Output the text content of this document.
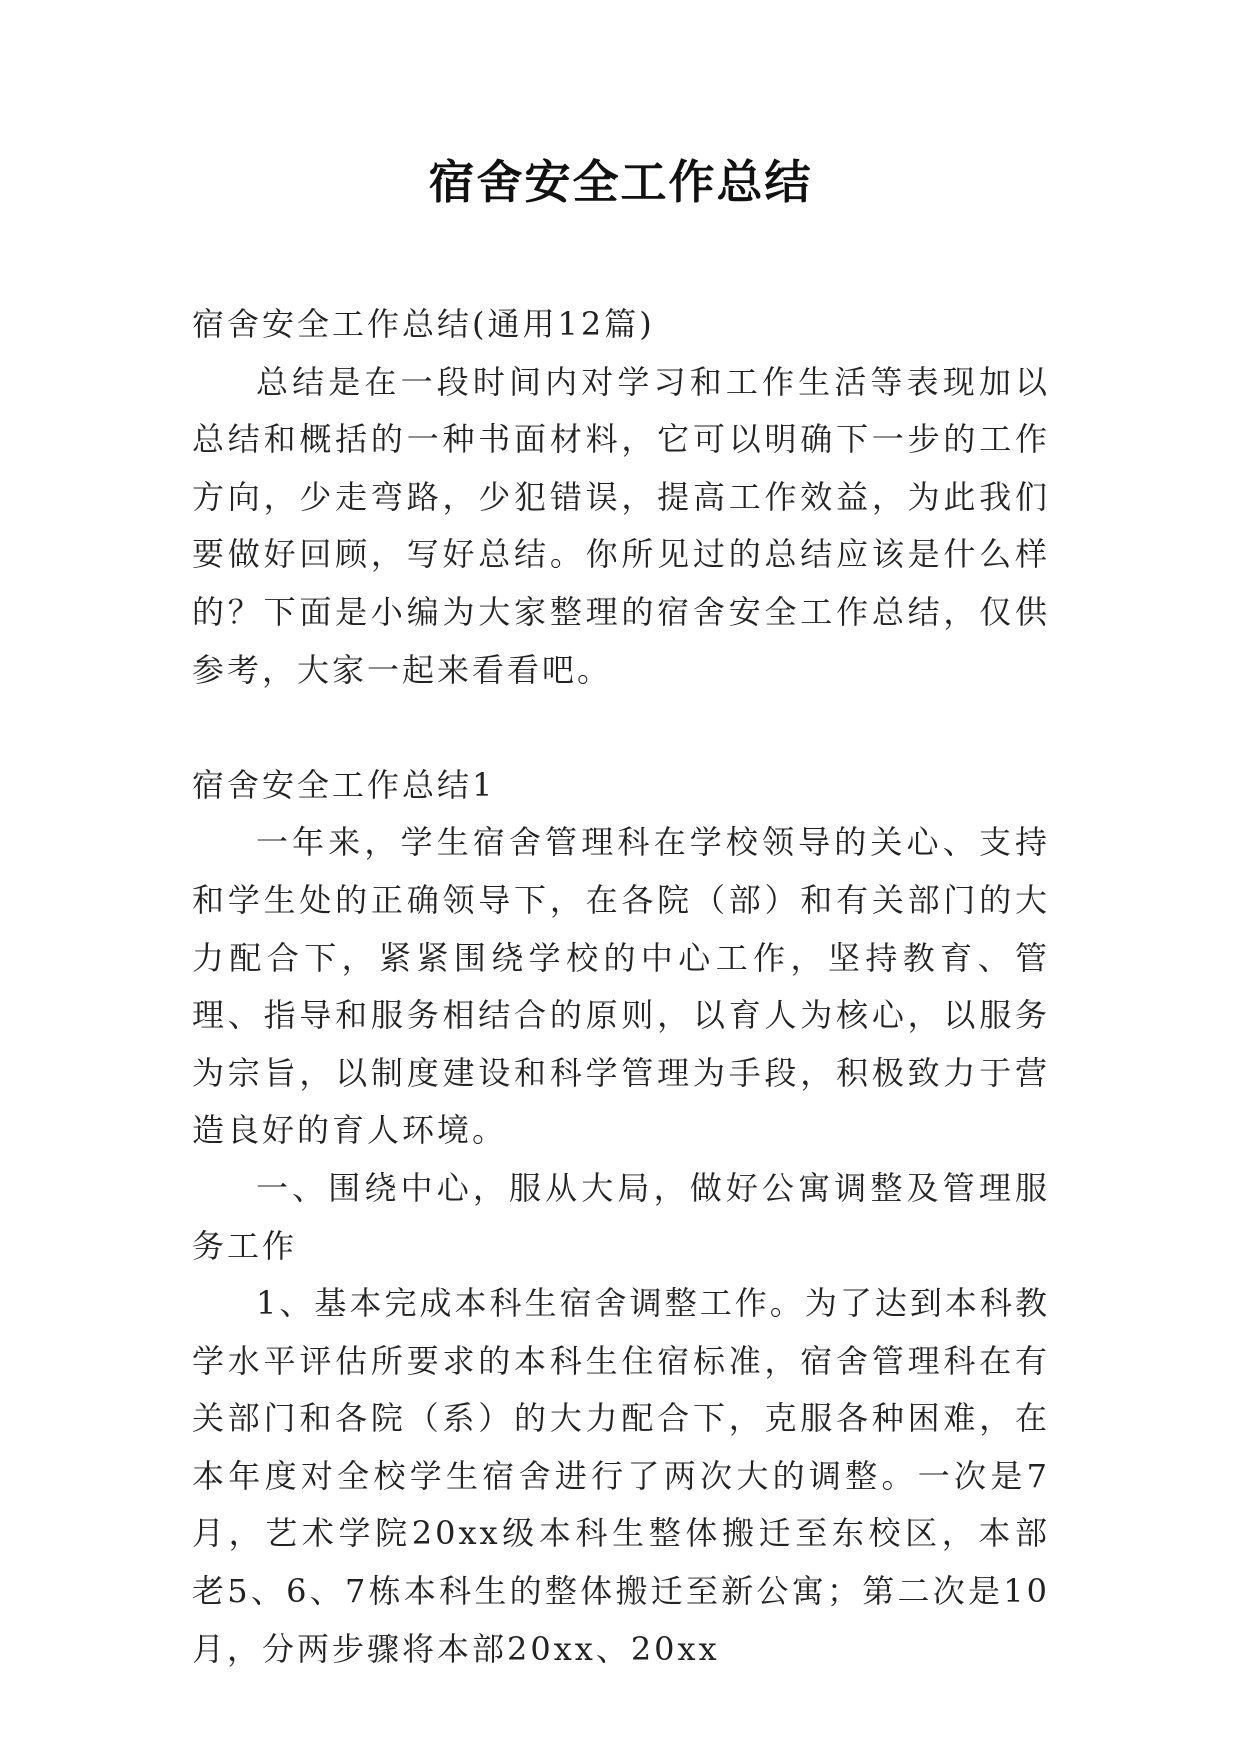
宿舍安全工作总结

宿舍安全工作总结(通用12篇)

总结是在一段时间内对学习和工作生活等表现加以总结和概括的一种书面材料，它可以明确下一步的工作方向，少走弯路，少犯错误，提高工作效益，为此我们要做好回顾，写好总结。你所见过的总结应该是什么样的？下面是小编为大家整理的宿舍安全工作总结，仅供参考，大家一起来看看吧。

宿舍安全工作总结1

一年来，学生宿舍管理科在学校领导的关心、支持和学生处的正确领导下，在各院（部）和有关部门的大力配合下，紧紧围绕学校的中心工作，坚持教育、管理、指导和服务相结合的原则，以育人为核心，以服务为宗旨，以制度建设和科学管理为手段，积极致力于营造良好的育人环境。

一、围绕中心，服从大局，做好公寓调整及管理服务工作

1、基本完成本科生宿舍调整工作。为了达到本科教学水平评估所要求的本科生住宿标准，宿舍管理科在有关部门和各院（系）的大力配合下，克服各种困难，在本年度对全校学生宿舍进行了两次大的调整。一次是7月，艺术学院20xx级本科生整体搬迁至东校区，本部老5、6、7栋本科生的整体搬迁至新公寓；第二次是10月，分两步骤将本部20xx、20xx
